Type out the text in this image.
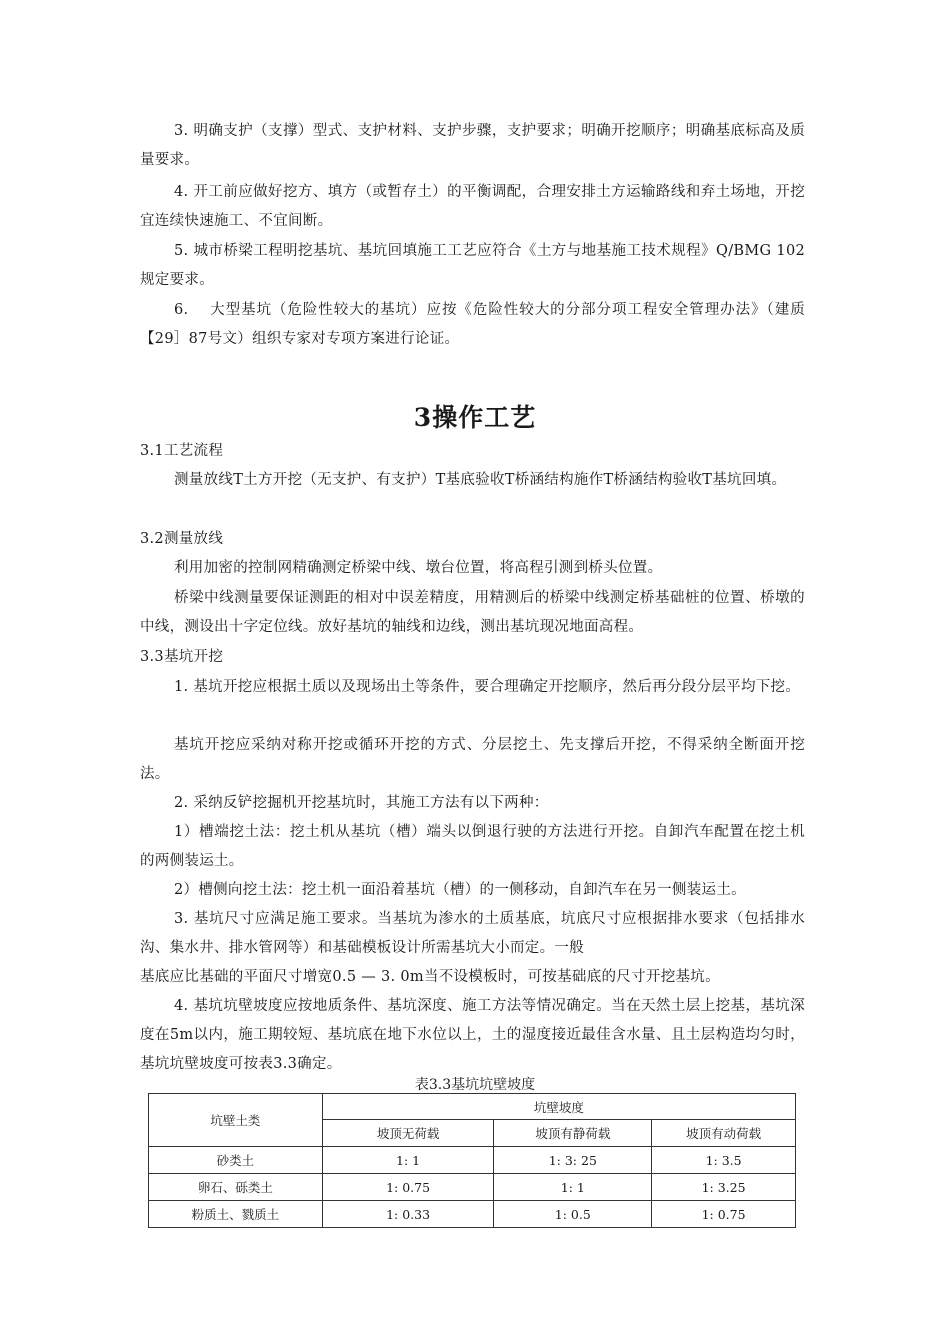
3. 明确支护（支撑）型式、支护材料、支护步骤，支护要求；明确开挖顺序；明确基底标高及质量要求。

4. 开工前应做好挖方、填方（或暂存土）的平衡调配，合理安排土方运输路线和弃土场地，开挖宜连续快速施工、不宜间断。

5. 城市桥梁工程明挖基坑、基坑回填施工工艺应符合《土方与地基施工技术规程》Q/BMG 102规定要求。

6.　 大型基坑（危险性较大的基坑）应按《危险性较大的分部分项工程安全管理办法》（建质【29］87号文）组织专家对专项方案进行论证。

3操作工艺

3.1工艺流程

测量放线T土方开挖（无支护、有支护）T基底验收T桥涵结构施作T桥涵结构验收T基坑回填。

3.2测量放线

利用加密的控制网精确测定桥梁中线、墩台位置，将高程引测到桥头位置。

桥梁中线测量要保证测距的相对中误差精度，用精测后的桥梁中线测定桥基础桩的位置、桥墩的中线，测设出十字定位线。放好基坑的轴线和边线，测出基坑现况地面高程。

3.3基坑开挖

1. 基坑开挖应根据土质以及现场出土等条件，要合理确定开挖顺序，然后再分段分层平均下挖。

基坑开挖应采纳对称开挖或循环开挖的方式、分层挖土、先支撑后开挖，不得采纳全断面开挖法。

2. 采纳反铲挖掘机开挖基坑时，其施工方法有以下两种：

1）槽端挖土法：挖土机从基坑（槽）端头以倒退行驶的方法进行开挖。自卸汽车配置在挖土机的两侧装运土。

2）槽侧向挖土法：挖土机一面沿着基坑（槽）的一侧移动，自卸汽车在另一侧装运土。

3. 基坑尺寸应满足施工要求。当基坑为渗水的土质基底，坑底尺寸应根据排水要求（包括排水沟、集水井、排水管网等）和基础模板设计所需基坑大小而定。一般

基底应比基础的平面尺寸增宽0.5 — 3. 0m当不设模板时，可按基础底的尺寸开挖基坑。

4. 基坑坑壁坡度应按地质条件、基坑深度、施工方法等情况确定。当在天然土层上挖基，基坑深度在5m以内，施工期较短、基坑底在地下水位以上，土的湿度接近最佳含水量、且土层构造均匀时，基坑坑壁坡度可按表3.3确定。

表3.3基坑坑壁坡度

坑壁土类	坑壁坡度		
	坡顶无荷载	坡顶有静荷载	坡顶有动荷载
砂类土	1: 1	1: 3: 25	1: 3.5
卵石、砾类土	1: 0.75	1: 1	1: 3.25
粉质土、戮质土	1: 0.33	1: 0.5	1: 0.75
